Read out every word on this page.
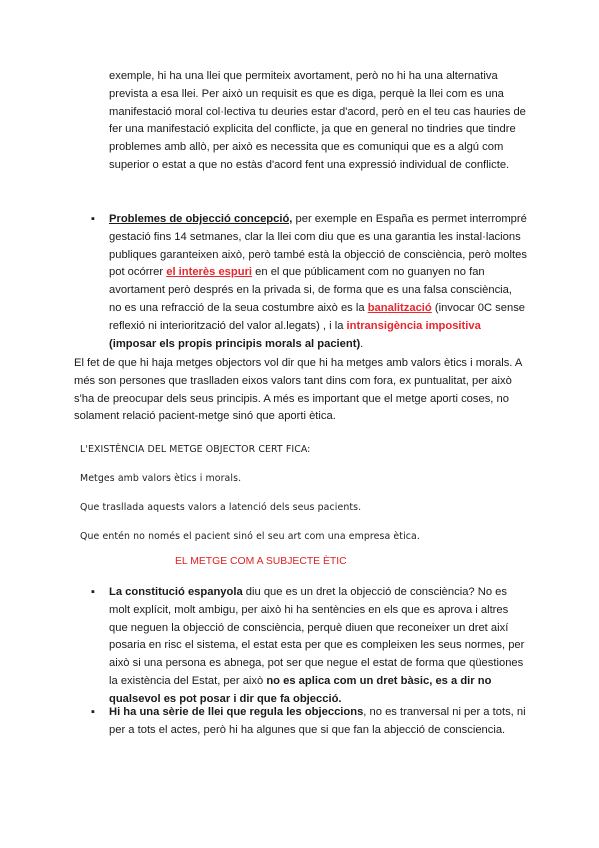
exemple, hi ha una llei que permiteix avortament, però no hi ha una alternativa prevista a esa llei. Per això un requisit es que es diga, perquè la llei com es una manifestació moral col·lectiva tu deuries estar d'acord, però en el teu cas hauries de fer una manifestació explicita del conflicte, ja que en general no tindries que tindre problemes amb allò, per això es necessita que es comuniqui que es a algú com superior o estat a que no estàs d'acord fent una expressió individual de conflicte.

▪ Problemes de objecció concepció, per exemple en España es permet interrompré gestació fins 14 setmanes, clar la llei com diu que es una garantia les instal·lacions publiques garanteixen això, però també està la objecció de consciència, però moltes pot ocórrer el interès espuri en el que públicament com no guanyen no fan avortament però després en la privada si, de forma que es una falsa consciència, no es una refracció de la seua costumbre això es la banalització (invocar 0C sense reflexió ni interiorització del valor al.legats) , i la intransigència impositiva (imposar els propis principis morals al pacient).

El fet de que hi haja metges objectors vol dir que hi ha metges amb valors ètics i morals. A més son persones que traslladen eixos valors tant dins com fora, ex puntualitat, per això s'ha de preocupar dels seus principis. A més es important que el metge aporti coses, no solament relació pacient-metge sinó que aporti ètica.

L'EXISTÈNCIA DEL METGE OBJECTOR CERT FICA:
Metges amb valors ètics i morals.
Que trasllada aquests valors a latenció dels seus pacients.
Que entén no només el pacient sinó el seu art com una empresa ètica.
EL METGE COM A SUBJECTE ÈTIC
▪ La constitució espanyola diu que es un dret la objecció de consciència? No es molt explícit, molt ambigu, per això hi ha sentències en els que es aprova i altres que neguen la objecció de consciència, perquè diuen que reconeixer un dret així posaria en risc el sistema, el estat esta per que es compleixen les seus normes, per això si una persona es abnega, pot ser que negue el estat de forma que qüestiones la existència del Estat, per això no es aplica com un dret bàsic, es a dir no qualsevol es pot posar i dir que fa objecció.

▪ Hi ha una sèrie de llei que regula les objeccions, no es tranversal ni per a tots, ni per a tots el actes, però hi ha algunes que si que fan la abjecció de consciencia.
